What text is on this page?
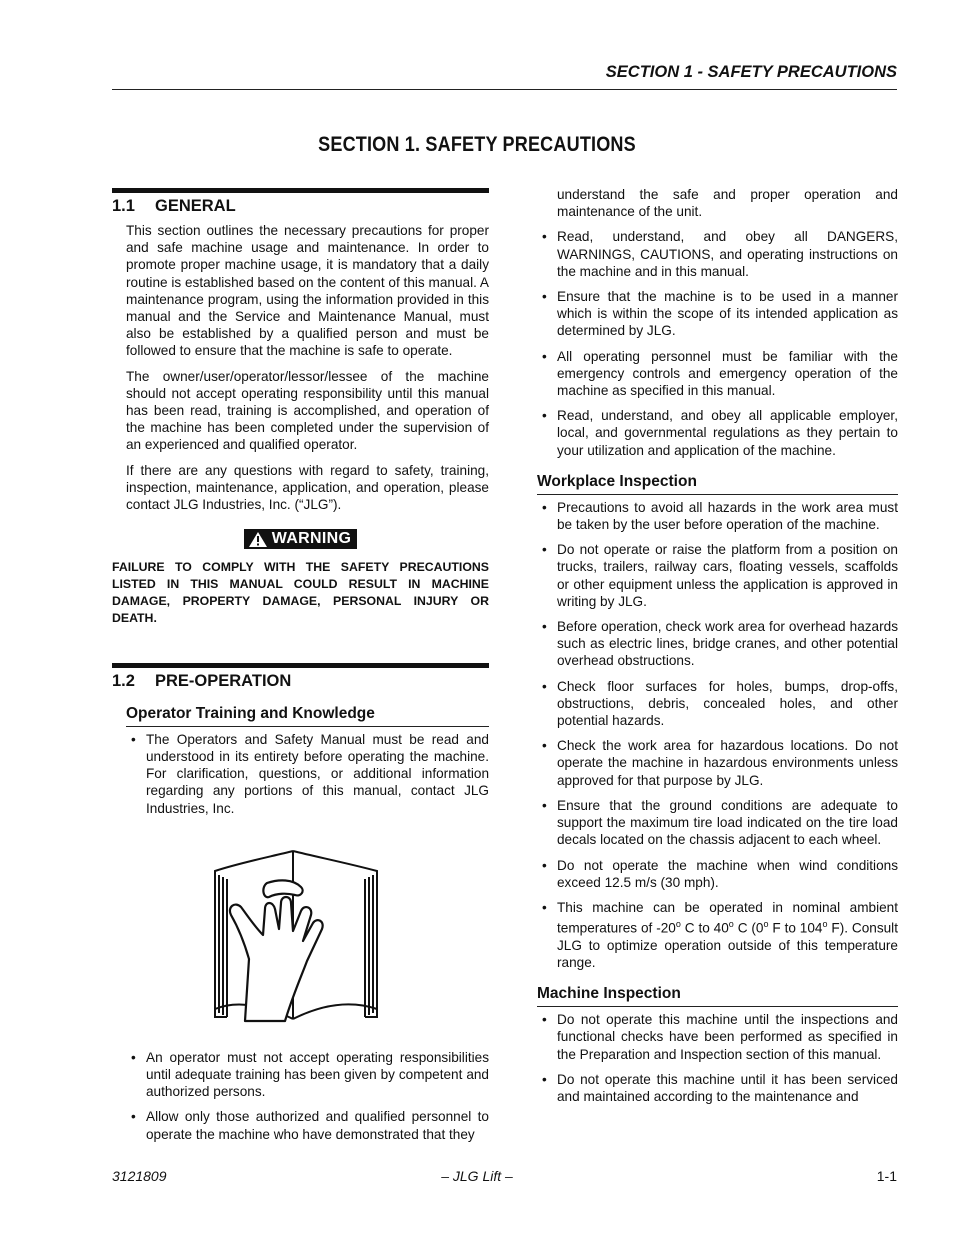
SECTION 1 - SAFETY PRECAUTIONS
SECTION 1. SAFETY PRECAUTIONS
1.1 GENERAL

This section outlines the necessary precautions for proper and safe machine usage and maintenance. In order to promote proper machine usage, it is mandatory that a daily routine is established based on the content of this manual. A maintenance program, using the information provided in this manual and the Service and Maintenance Manual, must also be established by a qualified person and must be followed to ensure that the machine is safe to operate.

The owner/user/operator/lessor/lessee of the machine should not accept operating responsibility until this manual has been read, training is accomplished, and operation of the machine has been completed under the supervision of an experienced and qualified operator.

If there are any questions with regard to safety, training, inspection, maintenance, application, and operation, please contact JLG Industries, Inc. (“JLG”).

WARNING

FAILURE TO COMPLY WITH THE SAFETY PRECAUTIONS LISTED IN THIS MANUAL COULD RESULT IN MACHINE DAMAGE, PROPERTY DAMAGE, PERSONAL INJURY OR DEATH.

1.2 PRE-OPERATION
Operator Training and Knowledge
• The Operators and Safety Manual must be read and understood in its entirety before operating the machine. For clarification, questions, or additional information regarding any portions of this manual, contact JLG Industries, Inc.
• An operator must not accept operating responsibilities until adequate training has been given by competent and authorized persons.
• Allow only those authorized and qualified personnel to operate the machine who have demonstrated that they

understand the safe and proper operation and maintenance of the unit.

• Read, understand, and obey all DANGERS, WARNINGS, CAUTIONS, and operating instructions on the machine and in this manual.
• Ensure that the machine is to be used in a manner which is within the scope of its intended application as determined by JLG.
• All operating personnel must be familiar with the emergency controls and emergency operation of the machine as specified in this manual.
• Read, understand, and obey all applicable employer, local, and governmental regulations as they pertain to your utilization and application of the machine.
Workplace Inspection
• Precautions to avoid all hazards in the work area must be taken by the user before operation of the machine.
• Do not operate or raise the platform from a position on trucks, trailers, railway cars, floating vessels, scaffolds or other equipment unless the application is approved in writing by JLG.
• Before operation, check work area for overhead hazards such as electric lines, bridge cranes, and other potential overhead obstructions.
• Check floor surfaces for holes, bumps, drop-offs, obstructions, debris, concealed holes, and other potential hazards.
• Check the work area for hazardous locations. Do not operate the machine in hazardous environments unless approved for that purpose by JLG.
• Ensure that the ground conditions are adequate to support the maximum tire load indicated on the tire load decals located on the chassis adjacent to each wheel.
• Do not operate the machine when wind conditions exceed 12.5 m/s (30 mph).
• This machine can be operated in nominal ambient temperatures of -20$^o$ C to 40$^o$ C (0$^o$ F to 104$^o$ F). Consult JLG to optimize operation outside of this temperature range.
Machine Inspection
• Do not operate this machine until the inspections and functional checks have been performed as specified in the Preparation and Inspection section of this manual.
• Do not operate this machine until it has been serviced and maintained according to the maintenance and
3121809	– JLG Lift –	1-1
